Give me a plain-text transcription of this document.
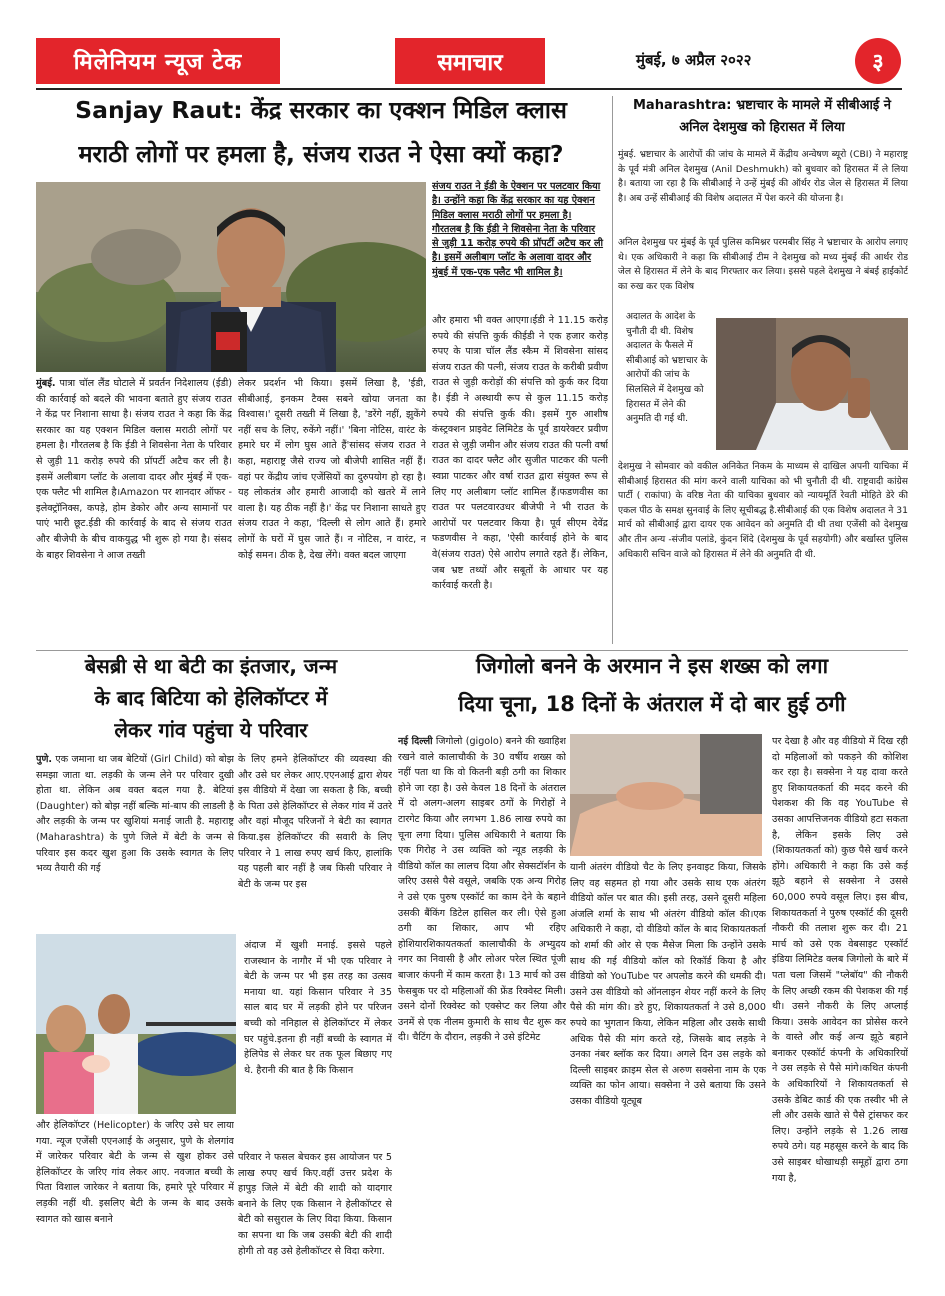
मिलेनियम न्यूज टेक	समाचार	मुंबई, ७ अप्रैल २०२२	३
Sanjay Raut: केंद्र सरकार का एक्शन मिडिल क्लास
मराठी लोगों पर हमला है, संजय राउत ने ऐसा क्यों कहा?
संजय राउत ने ईडी के ऐक्शन पर पलटवार किया है। उन्होंने कहा कि केंद्र सरकार का यह ऐक्शन मिडिल क्लास मराठी लोगों पर हमला है। गौरतलब है कि ईडी ने शिवसेना नेता के परिवार से जुड़ी 11 करोड़ रुपये की प्रॉपर्टी अटैच कर ली है। इसमें अलीबाग प्लॉट के अलावा दादर और मुंबई में एक-एक फ्लैट भी शामिल है।
मुंबई. पात्रा चॉल लैंड घोटाले में प्रवर्तन निदेशालय (ईडी) की कार्रवाई को बदले की भावना बताते हुए संजय राउत ने केंद्र पर निशाना साधा है। संजय राउत ने कहा कि केंद्र सरकार का यह एक्शन मिडिल क्लास मराठी लोगों पर हमला है। गौरतलब है कि ईडी ने शिवसेना नेता के परिवार से जुड़ी 11 करोड़ रुपये की प्रॉपर्टी अटैच कर ली है। इसमें अलीबाग प्लॉट के अलावा दादर और मुंबई में एक-एक फ्लैट भी शामिल है।Amazon पर शानदार ऑफर - इलेक्ट्रॉनिक्स, कपड़े, होम डेकोर और अन्य सामानों पर पाएं भारी छूट.ईडी की कार्रवाई के बाद से संजय राउत और बीजेपी के बीच वाकयुद्ध भी शुरू हो गया है। संसद के बाहर शिवसेना ने आज तख्ती
लेकर प्रदर्शन भी किया। इसमें लिखा है, 'ईडी, सीबीआई, इनकम टैक्स सबने खोया जनता का विश्वास।' दूसरी तख्ती में लिखा है, 'डरेंगे नहीं, झुकेंगे नहीं सच के लिए, रुकेंगे नहीं।' 'बिना नोटिस, वारंट के हमारे घर में लोग घुस आते हैं'सांसद संजय राउत ने कहा, महाराष्ट्र जैसे राज्य जो बीजेपी शासित नहीं हैं। वहां पर केंद्रीय जांच एजेंसियों का दुरुपयोग हो रहा है। यह लोकतंत्र और हमारी आजादी को खतरे में लाने वाला है। यह ठीक नहीं है।' केंद्र पर निशाना साधते हुए संजय राउत ने कहा, 'दिल्ली से लोग आते हैं। हमारे लोगों के घरों में घुस जाते हैं। न नोटिस, न वारंट, न कोई समन। ठीक है, देख लेंगे। वक्त बदल जाएगा
और हमारा भी वक्त आएगा।ईडी ने 11.15 करोड़ रुपये की संपत्ति कुर्क कीईडी ने एक हजार करोड़ रुपए के पात्रा चॉल लैंड स्कैम में शिवसेना सांसद संजय राउत की पत्नी, संजय राउत के करीबी प्रवीण राउत से जुड़ी करोड़ों की संपत्ति को कुर्क कर दिया है। ईडी ने अस्थायी रूप से कुल 11.15 करोड़ रुपये की संपत्ति कुर्क की। इसमें गुरु आशीष कंस्ट्रक्शन प्राइवेट लिमिटेड के पूर्व डायरेक्टर प्रवीण राउत से जुड़ी जमीन और संजय राउत की पत्नी वर्षा राउत का दादर फ्लैट और सुजीत पाटकर की पत्नी स्वप्ना पाटकर और वर्षा राउत द्वारा संयुक्त रूप से लिए गए अलीबाग प्लॉट शामिल हैं।फडणवीस का राउत पर पलटवारउधर बीजेपी ने भी राउत के आरोपों पर पलटवार किया है। पूर्व सीएम देवेंद्र फडणवीस ने कहा, 'ऐसी कार्रवाई होने के बाद वे(संजय राउत) ऐसे आरोप लगाते रहते हैं। लेकिन, जब भ्रष्ट तथ्यों और सबूतों के आधार पर यह कार्रवाई करती है।
Maharashtra: भ्रष्टाचार के मामले में सीबीआई ने
अनिल देशमुख को हिरासत में लिया
मुंबई. भ्रष्टाचार के आरोपों की जांच के मामले में केंद्रीय अन्वेषण ब्यूरो (CBI) ने महाराष्ट्र के पूर्व मंत्री अनिल देशमुख (Anil Deshmukh) को बुधवार को हिरासत में ले लिया है। बताया जा रहा है कि सीबीआई ने उन्हें मुंबई की ऑर्थर रोड जेल से हिरासत में लिया है। अब उन्हें सीबीआई की विशेष अदालत में पेश करने की योजना है।
अनिल देशमुख पर मुंबई के पूर्व पुलिस कमिश्नर परमबीर सिंह ने भ्रष्टाचार के आरोप लगाए थे। एक अधिकारी ने कहा कि सीबीआई टीम ने देशमुख को मध्य मुंबई की आर्थर रोड जेल से हिरासत में लेने के बाद गिरफ्तार कर लिया। इससे पहले देशमुख ने बंबई हाईकोर्ट का रुख कर एक विशेष
अदालत के आदेश के चुनौती दी थी. विशेष अदालत के फैसले में सीबीआई को भ्रष्टाचार के आरोपों की जांच के सिलसिले में देशमुख को हिरासत में लेने की अनुमति दी गई थी.
देशमुख ने सोमवार को वकील अनिकेत निकम के माध्यम से दाखिल अपनी याचिका में सीबीआई हिरासत की मांग करने वाली याचिका को भी चुनौती दी थी. राष्ट्रवादी कांग्रेस पार्टी ( राकांपा) के वरिष्ठ नेता की याचिका बुधवार को न्यायमूर्ति रेवती मोहिते डेरे की एकल पीठ के समक्ष सुनवाई के लिए सूचीबद्ध है.सीबीआई की एक विशेष अदालत ने 31 मार्च को सीबीआई द्वारा दायर एक आवेदन को अनुमति दी थी तथा एजेंसी को देशमुख और तीन अन्य -संजीव पलांडे, कुंदन शिंदे (देशमुख के पूर्व सहयोगी) और बर्खास्त पुलिस अधिकारी सचिन वाजे को हिरासत में लेने की अनुमति दी थी.
बेसब्री से था बेटी का इंतजार, जन्म
के बाद बिटिया को हेलिकॉप्टर में
लेकर गांव पहुंचा ये परिवार
पुणे. एक जमाना था जब बेटियों (Girl Child) को बोझ समझा जाता था. लड़की के जन्म लेने पर परिवार दुखी होता था. लेकिन अब वक्त बदल गया है. बेटियां (Daughter) को बोझ नहीं बल्कि मां-बाप की लाडली है और लड़की के जन्म पर खुशियां मनाई जाती है. महाराष्ट्र (Maharashtra) के पुणे जिले में बेटी के जन्म से परिवार इस कदर खुश हुआ कि उसके स्वागत के लिए भव्य तैयारी की गई
और हेलिकॉप्टर (Helicopter) के जरिए उसे घर लाया गया. न्यूज एजेंसी एएनआई के अनुसार, पुणे के शेलगांव में जारेकर परिवार बेटी के जन्म से खुश होकर उसे हेलिकॉप्टर के जरिए गांव लेकर आए. नवजात बच्ची के पिता विशाल जारेकर ने बताया कि, हमारे पूरे परिवार में लड़की नहीं थी. इसलिए बेटी के जन्म के बाद उसके स्वागत को खास बनाने
के लिए हमने हेलिकॉप्टर की व्यवस्था की और उसे घर लेकर आए.एएनआई द्वारा शेयर इस वीडियो में देखा जा सकता है कि, बच्ची के पिता उसे हेलिकॉप्टर से लेकर गांव में उतरे और वहां मौजूद परिजनों ने बेटी का स्वागत किया.इस हेलिकॉप्टर की सवारी के लिए परिवार ने 1 लाख रुपए खर्च किए, हालांकि यह पहली बार नहीं है जब किसी परिवार ने बेटी के जन्म पर इस
अंदाज में खुशी मनाई. इससे पहले राजस्थान के नागौर में भी एक परिवार ने बेटी के जन्म पर भी इस तरह का उत्सव मनाया था. यहां किसान परिवार ने 35 साल बाद घर में लड़की होने पर परिजन बच्ची को ननिहाल से हेलिकॉप्टर में लेकर घर पहुंचे.इतना ही नहीं बच्ची के स्वागत में हेलिपेड से लेकर घर तक फूल बिछाए गए थे. हैरानी की बात है कि किसान
परिवार ने फसल बेचकर इस आयोजन पर 5 लाख रुपए खर्च किए.वहीं उत्तर प्रदेश के हापुड़ जिले में बेटी की शादी को यादगार बनाने के लिए एक किसान ने हेलीकॉप्टर से बेटी को ससुराल के लिए विदा किया. किसान का सपना था कि जब उसकी बेटी की शादी होगी तो वह उसे हेलीकॉप्टर से विदा करेगा.
जिगोलो बनने के अरमान ने इस शख्स को लगा
दिया चूना, 18 दिनों के अंतराल में दो बार हुई ठगी
नई दिल्ली जिगोलो (gigolo) बनने की ख्वाहिश रखने वाले कालाचौकी के 30 वर्षीय शख्स को नहीं पता था कि वो कितनी बड़ी ठगी का शिकार होने जा रहा है। उसे केवल 18 दिनों के अंतराल में दो अलग-अलग साइबर ठगों के गिरोहों ने टारगेट किया और लगभग 1.86 लाख रुपये का चूना लगा दिया। पुलिस अधिकारी ने बताया कि एक गिरोह ने उस व्यक्ति को न्यूड लड़की के वीडियो कॉल का लालच दिया और सेक्सटॉर्शन के जरिए उससे पैसे वसूले, जबकि एक अन्य गिरोह ने उसे एक पुरुष एस्कॉर्ट का काम देने के बहाने उसकी बैंकिंग डिटेल हासिल कर ली। ऐसे हुआ ठगी का शिकार, आप भी रहिए होशियारशिकायतकर्ता कालाचौकी के अभ्युदय नगर का निवासी है और लोअर परेल स्थित पूंजी बाजार कंपनी में काम करता है। 13 मार्च को उस फेसबुक पर दो महिलाओं की फ्रेंड रिक्वेस्ट मिली। उसने दोनों रिक्वेस्ट को एक्सेप्ट कर लिया और उनमें से एक नीलम कुमारी के साथ चैट शुरू कर दी। चैटिंग के दौरान, लड़की ने उसे इंटिमेट
यानी अंतरंग वीडियो चैट के लिए इनवाइट किया, जिसके लिए वह सहमत हो गया और उसके साथ एक अंतरंग वीडियो कॉल पर बात की। इसी तरह, उसने दूसरी महिला अंजलि शर्मा के साथ भी अंतरंग वीडियो कॉल की।एक अधिकारी ने कहा, दो वीडियो कॉल के बाद शिकायतकर्ता को शर्मा की ओर से एक मैसेज मिला कि उन्होंने उसके साथ की गई वीडियो कॉल को रिकॉर्ड किया है और वीडियो को YouTube पर अपलोड करने की धमकी दी। उसने उस वीडियो को ऑनलाइन शेयर नहीं करने के लिए पैसे की मांग की। डरे हुए, शिकायतकर्ता ने उसे 8,000 रुपये का भुगतान किया, लेकिन महिला और उसके साथी अधिक पैसे की मांग करते रहे, जिसके बाद लड़के ने उनका नंबर ब्लॉक कर दिया। अगले दिन उस लड़के को दिल्ली साइबर क्राइम सेल से अरुण सक्सेना नाम के एक व्यक्ति का फोन आया। सक्सेना ने उसे बताया कि उसने उसका वीडियो यूट्यूब
पर देखा है और वह वीडियो में दिख रही दो महिलाओं को पकड़ने की कोशिश कर रहा है। सक्सेना ने यह दावा करते हुए शिकायतकर्ता की मदद करने की पेशकश की कि वह YouTube से उसका आपत्तिजनक वीडियो हटा सकता है, लेकिन इसके लिए उसे (शिकायतकर्ता को) कुछ पैसे खर्च करने होंगे। अधिकारी ने कहा कि उसे कई झूठे बहाने से सक्सेना ने उससे 60,000 रुपये वसूल लिए। इस बीच, शिकायतकर्ता ने पुरुष एस्कॉर्ट की दूसरी नौकरी की तलाश शुरू कर दी। 21 मार्च को उसे एक वेबसाइट एस्कॉर्ट इंडिया लिमिटेड क्लब जिगोलो के बारे में पता चला जिसमें "प्लेबॉय" की नौकरी के लिए अच्छी रकम की पेशकश की गई थी। उसने नौकरी के लिए अप्लाई किया। उसके आवेदन का प्रोसेस करने के वास्ते और कई अन्य झूठे बहाने बनाकर एस्कॉर्ट कंपनी के अधिकारियों ने उस लड़के से पैसे मांगे।कथित कंपनी के अधिकारियों ने शिकायतकर्ता से उसके डेबिट कार्ड की एक तस्वीर भी ले ली और उसके खाते से पैसे ट्रांसफर कर लिए। उन्होंने लड़के से 1.26 लाख रुपये ठगे। यह महसूस करने के बाद कि उसे साइबर धोखाधड़ी समूहों द्वारा ठगा गया है,
